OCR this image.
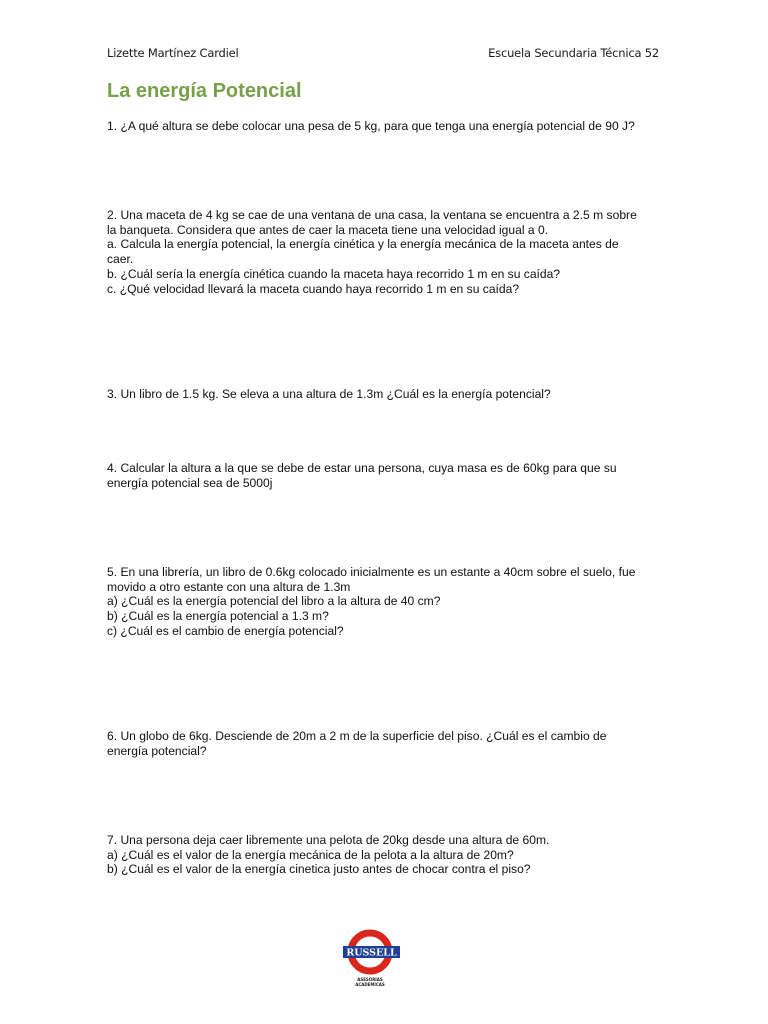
Lizette Martínez Cardiel	Escuela Secundaria Técnica 52
La energía Potencial
1. ¿A qué altura se debe colocar una pesa de 5 kg, para que tenga una energía potencial de 90 J?
2. Una maceta de 4 kg se cae de una ventana de una casa, la ventana se encuentra a 2.5 m sobre
la banqueta. Considera que antes de caer la maceta tiene una velocidad igual a 0.
a. Calcula la energía potencial, la energía cinética y la energía mecánica de la maceta antes de
caer.
b. ¿Cuál sería la energía cinética cuando la maceta haya recorrido 1 m en su caída?
c. ¿Qué velocidad llevará la maceta cuando haya recorrido 1 m en su caída?
3. Un libro de 1.5 kg. Se eleva a una altura de 1.3m ¿Cuál es la energía potencial?
4. Calcular la altura a la que se debe de estar una persona, cuya masa es de 60kg para que su
energía potencial sea de 5000j
5. En una librería, un libro de 0.6kg colocado inicialmente es un estante a 40cm sobre el suelo, fue
movido a otro estante con una altura de 1.3m
a) ¿Cuál es la energía potencial del libro a la altura de 40 cm?
b) ¿Cuál es la energía potencial a 1.3 m?
c) ¿Cuál es el cambio de energía potencial?
6. Un globo de 6kg. Desciende de 20m a 2 m de la superficie del piso. ¿Cuál es el cambio de
energía potencial?
7. Una persona deja caer libremente una pelota de 20kg desde una altura de 60m.
a) ¿Cuál es el valor de la energía mecánica de la pelota a la altura de 20m?
b) ¿Cuál es el valor de la energía cinetica justo antes de chocar contra el piso?
RUSSELL
ASESORIAS
ACADEMICAS
